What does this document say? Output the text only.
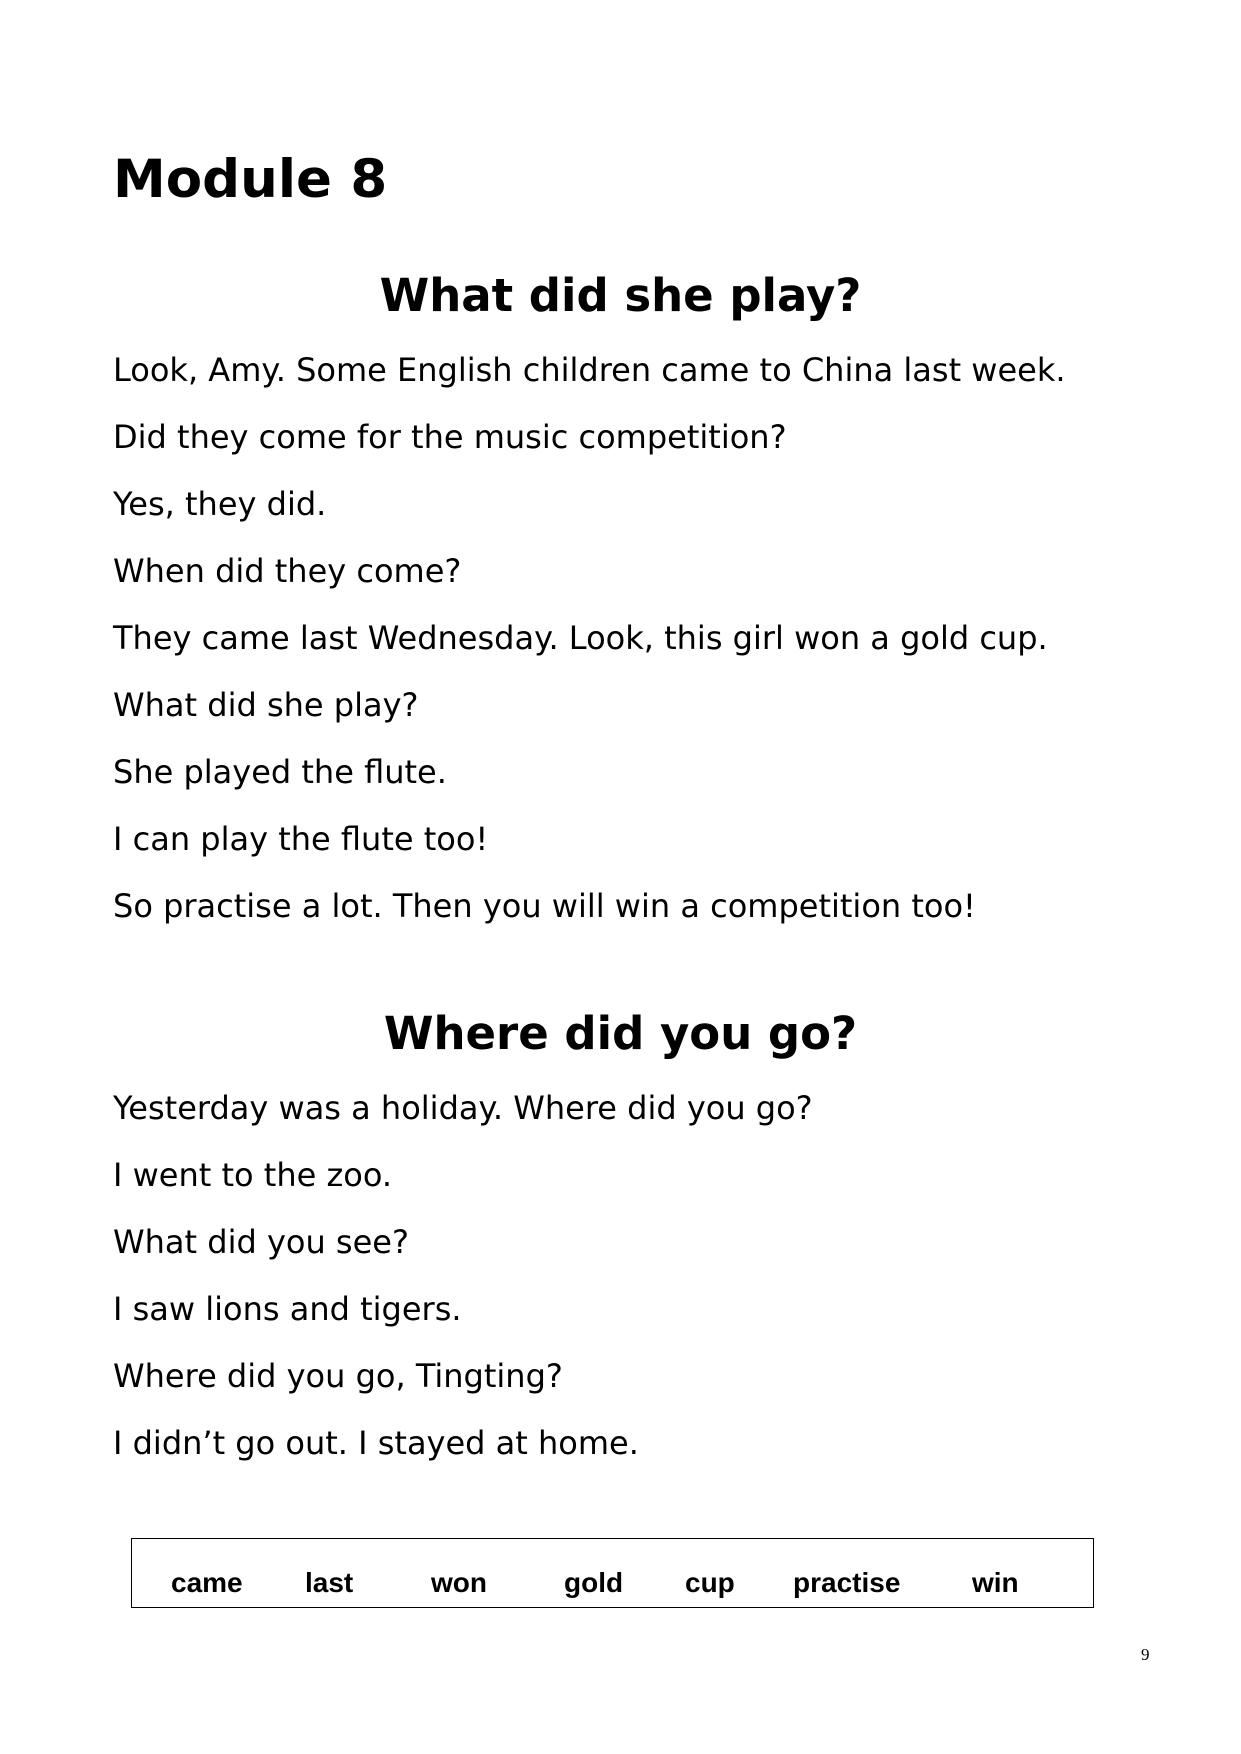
Module 8
What did she play?
Look, Amy. Some English children came to China last week.
Did they come for the music competition?
Yes, they did.
When did they come?
They came last Wednesday. Look, this girl won a gold cup.
What did she play?
She played the flute.
I can play the flute too!
So practise a lot. Then you will win a competition too!
Where did you go?
Yesterday was a holiday. Where did you go?
I went to the zoo.
What did you see?
I saw lions and tigers.
Where did you go, Tingting?
I didn’t go out. I stayed at home.
came last	won	gold cup practise	win
9
